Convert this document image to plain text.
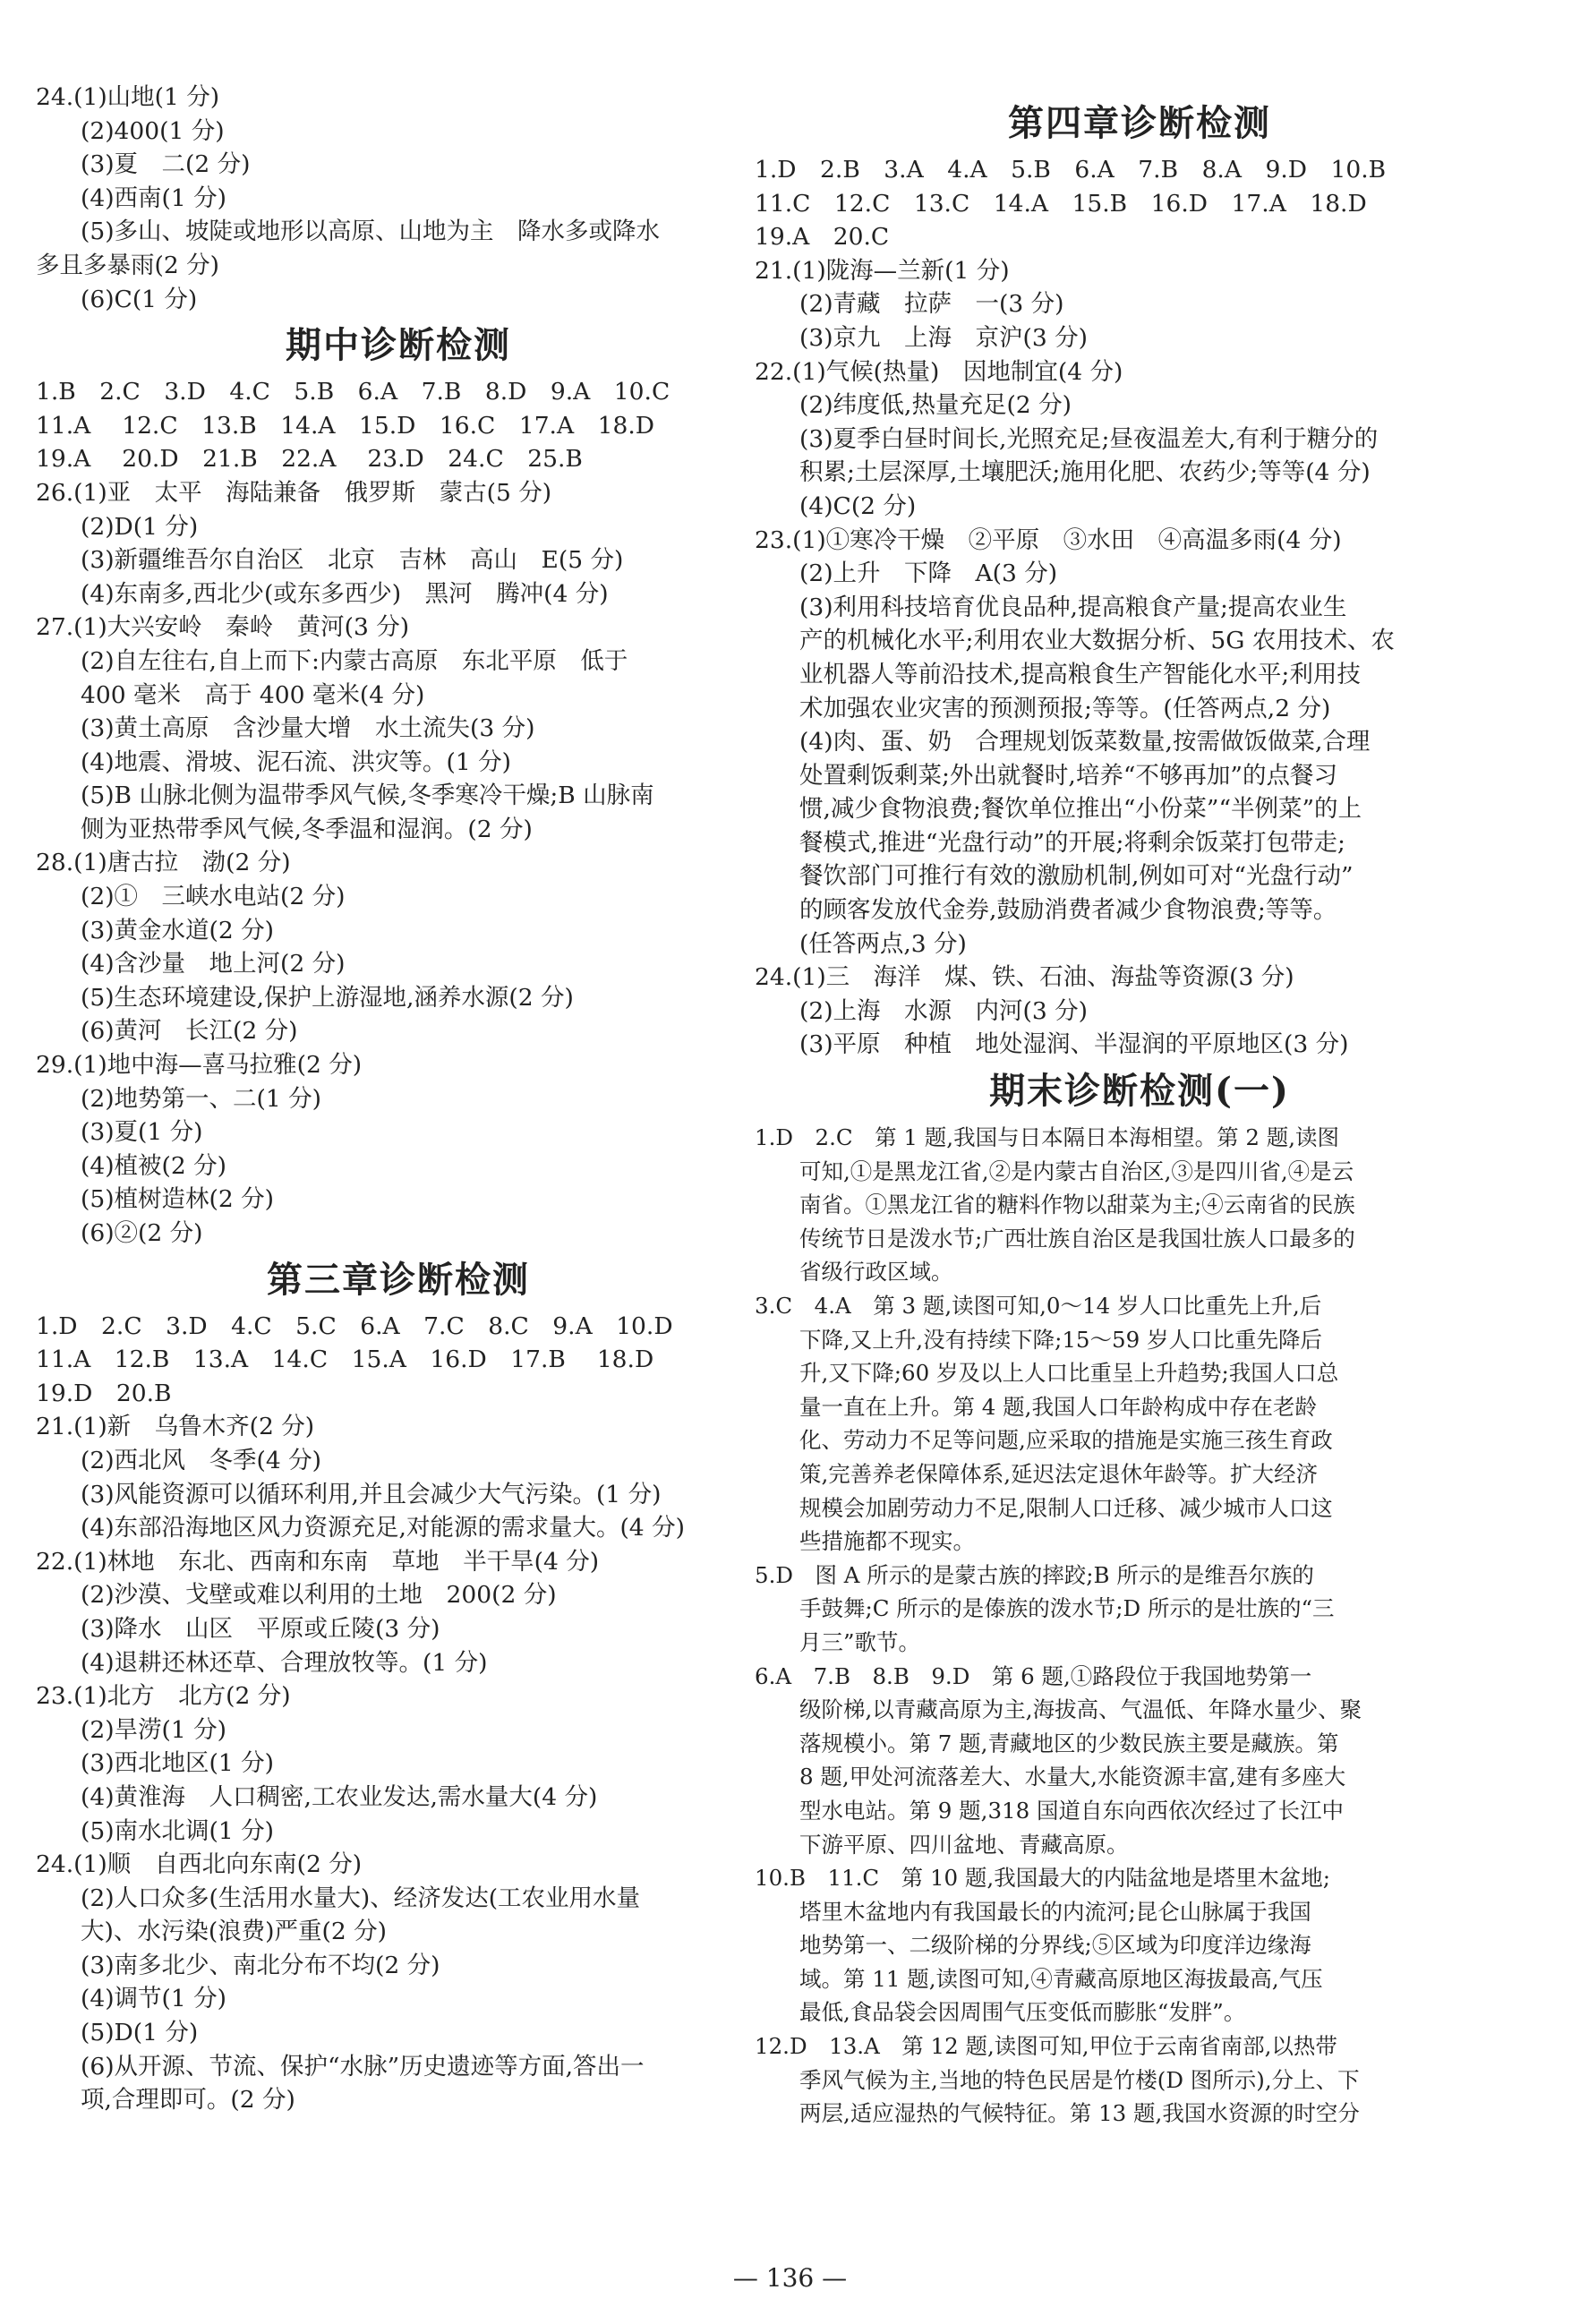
24.(1)山地(1 分)
(2)400(1 分)
(3)夏　二(2 分)
(4)西南(1 分)
(5)多山、坡陡或地形以高原、山地为主　降水多或降水
多且多暴雨(2 分)
(6)C(1 分)
期中诊断检测
1.B　2.C　3.D　4.C　5.B　6.A　7.B　8.D　9.A　10.C
11.A　 12.C　13.B　14.A　15.D　16.C　17.A　18.D
19.A　 20.D　21.B　22.A　 23.D　24.C　25.B
26.(1)亚　太平　海陆兼备　俄罗斯　蒙古(5 分)
(2)D(1 分)
(3)新疆维吾尔自治区　北京　吉林　高山　E(5 分)
(4)东南多,西北少(或东多西少)　黑河　腾冲(4 分)
27.(1)大兴安岭　秦岭　黄河(3 分)
(2)自左往右,自上而下:内蒙古高原　东北平原　低于
400 毫米　高于 400 毫米(4 分)
(3)黄土高原　含沙量大增　水土流失(3 分)
(4)地震、滑坡、泥石流、洪灾等。(1 分)
(5)B 山脉北侧为温带季风气候,冬季寒冷干燥;B 山脉南
侧为亚热带季风气候,冬季温和湿润。(2 分)
28.(1)唐古拉　渤(2 分)
(2)①　三峡水电站(2 分)
(3)黄金水道(2 分)
(4)含沙量　地上河(2 分)
(5)生态环境建设,保护上游湿地,涵养水源(2 分)
(6)黄河　长江(2 分)
29.(1)地中海—喜马拉雅(2 分)
(2)地势第一、二(1 分)
(3)夏(1 分)
(4)植被(2 分)
(5)植树造林(2 分)
(6)②(2 分)
第三章诊断检测
1.D　2.C　3.D　4.C　5.C　6.A　7.C　8.C　9.A　10.D
11.A　12.B　13.A　14.C　15.A　16.D　17.B　 18.D
19.D　20.B
21.(1)新　乌鲁木齐(2 分)
(2)西北风　冬季(4 分)
(3)风能资源可以循环利用,并且会减少大气污染。(1 分)
(4)东部沿海地区风力资源充足,对能源的需求量大。(4 分)
22.(1)林地　东北、西南和东南　草地　半干旱(4 分)
(2)沙漠、戈壁或难以利用的土地　200(2 分)
(3)降水　山区　平原或丘陵(3 分)
(4)退耕还林还草、合理放牧等。(1 分)
23.(1)北方　北方(2 分)
(2)旱涝(1 分)
(3)西北地区(1 分)
(4)黄淮海　人口稠密,工农业发达,需水量大(4 分)
(5)南水北调(1 分)
24.(1)顺　自西北向东南(2 分)
(2)人口众多(生活用水量大)、经济发达(工农业用水量
大)、水污染(浪费)严重(2 分)
(3)南多北少、南北分布不均(2 分)
(4)调节(1 分)
(5)D(1 分)
(6)从开源、节流、保护“水脉”历史遗迹等方面,答出一
项,合理即可。(2 分)
第四章诊断检测
1.D　2.B　3.A　4.A　5.B　6.A　7.B　8.A　9.D　10.B
11.C　12.C　13.C　14.A　15.B　16.D　17.A　18.D
19.A　20.C
21.(1)陇海—兰新(1 分)
(2)青藏　拉萨　一(3 分)
(3)京九　上海　京沪(3 分)
22.(1)气候(热量)　因地制宜(4 分)
(2)纬度低,热量充足(2 分)
(3)夏季白昼时间长,光照充足;昼夜温差大,有利于糖分的
积累;土层深厚,土壤肥沃;施用化肥、农药少;等等(4 分)
(4)C(2 分)
23.(1)①寒冷干燥　②平原　③水田　④高温多雨(4 分)
(2)上升　下降　A(3 分)
(3)利用科技培育优良品种,提高粮食产量;提高农业生
产的机械化水平;利用农业大数据分析、5G 农用技术、农
业机器人等前沿技术,提高粮食生产智能化水平;利用技
术加强农业灾害的预测预报;等等。(任答两点,2 分)
(4)肉、蛋、奶　合理规划饭菜数量,按需做饭做菜,合理
处置剩饭剩菜;外出就餐时,培养“不够再加”的点餐习
惯,减少食物浪费;餐饮单位推出“小份菜”“半例菜”的上
餐模式,推进“光盘行动”的开展;将剩余饭菜打包带走;
餐饮部门可推行有效的激励机制,例如可对“光盘行动”
的顾客发放代金券,鼓励消费者减少食物浪费;等等。
(任答两点,3 分)
24.(1)三　海洋　煤、铁、石油、海盐等资源(3 分)
(2)上海　水源　内河(3 分)
(3)平原　种植　地处湿润、半湿润的平原地区(3 分)
期末诊断检测(一)
1.D　2.C　第 1 题,我国与日本隔日本海相望。第 2 题,读图
可知,①是黑龙江省,②是内蒙古自治区,③是四川省,④是云
南省。①黑龙江省的糖料作物以甜菜为主;④云南省的民族
传统节日是泼水节;广西壮族自治区是我国壮族人口最多的
省级行政区域。
3.C　4.A　第 3 题,读图可知,0～14 岁人口比重先上升,后
下降,又上升,没有持续下降;15～59 岁人口比重先降后
升,又下降;60 岁及以上人口比重呈上升趋势;我国人口总
量一直在上升。第 4 题,我国人口年龄构成中存在老龄
化、劳动力不足等问题,应采取的措施是实施三孩生育政
策,完善养老保障体系,延迟法定退休年龄等。扩大经济
规模会加剧劳动力不足,限制人口迁移、减少城市人口这
些措施都不现实。
5.D　图 A 所示的是蒙古族的摔跤;B 所示的是维吾尔族的
手鼓舞;C 所示的是傣族的泼水节;D 所示的是壮族的“三
月三”歌节。
6.A　7.B　8.B　9.D　第 6 题,①路段位于我国地势第一
级阶梯,以青藏高原为主,海拔高、气温低、年降水量少、聚
落规模小。第 7 题,青藏地区的少数民族主要是藏族。第
8 题,甲处河流落差大、水量大,水能资源丰富,建有多座大
型水电站。第 9 题,318 国道自东向西依次经过了长江中
下游平原、四川盆地、青藏高原。
10.B　11.C　第 10 题,我国最大的内陆盆地是塔里木盆地;
塔里木盆地内有我国最长的内流河;昆仑山脉属于我国
地势第一、二级阶梯的分界线;⑤区域为印度洋边缘海
域。第 11 题,读图可知,④青藏高原地区海拔最高,气压
最低,食品袋会因周围气压变低而膨胀“发胖”。
12.D　13.A　第 12 题,读图可知,甲位于云南省南部,以热带
季风气候为主,当地的特色民居是竹楼(D 图所示),分上、下
两层,适应湿热的气候特征。第 13 题,我国水资源的时空分
— 136 —
